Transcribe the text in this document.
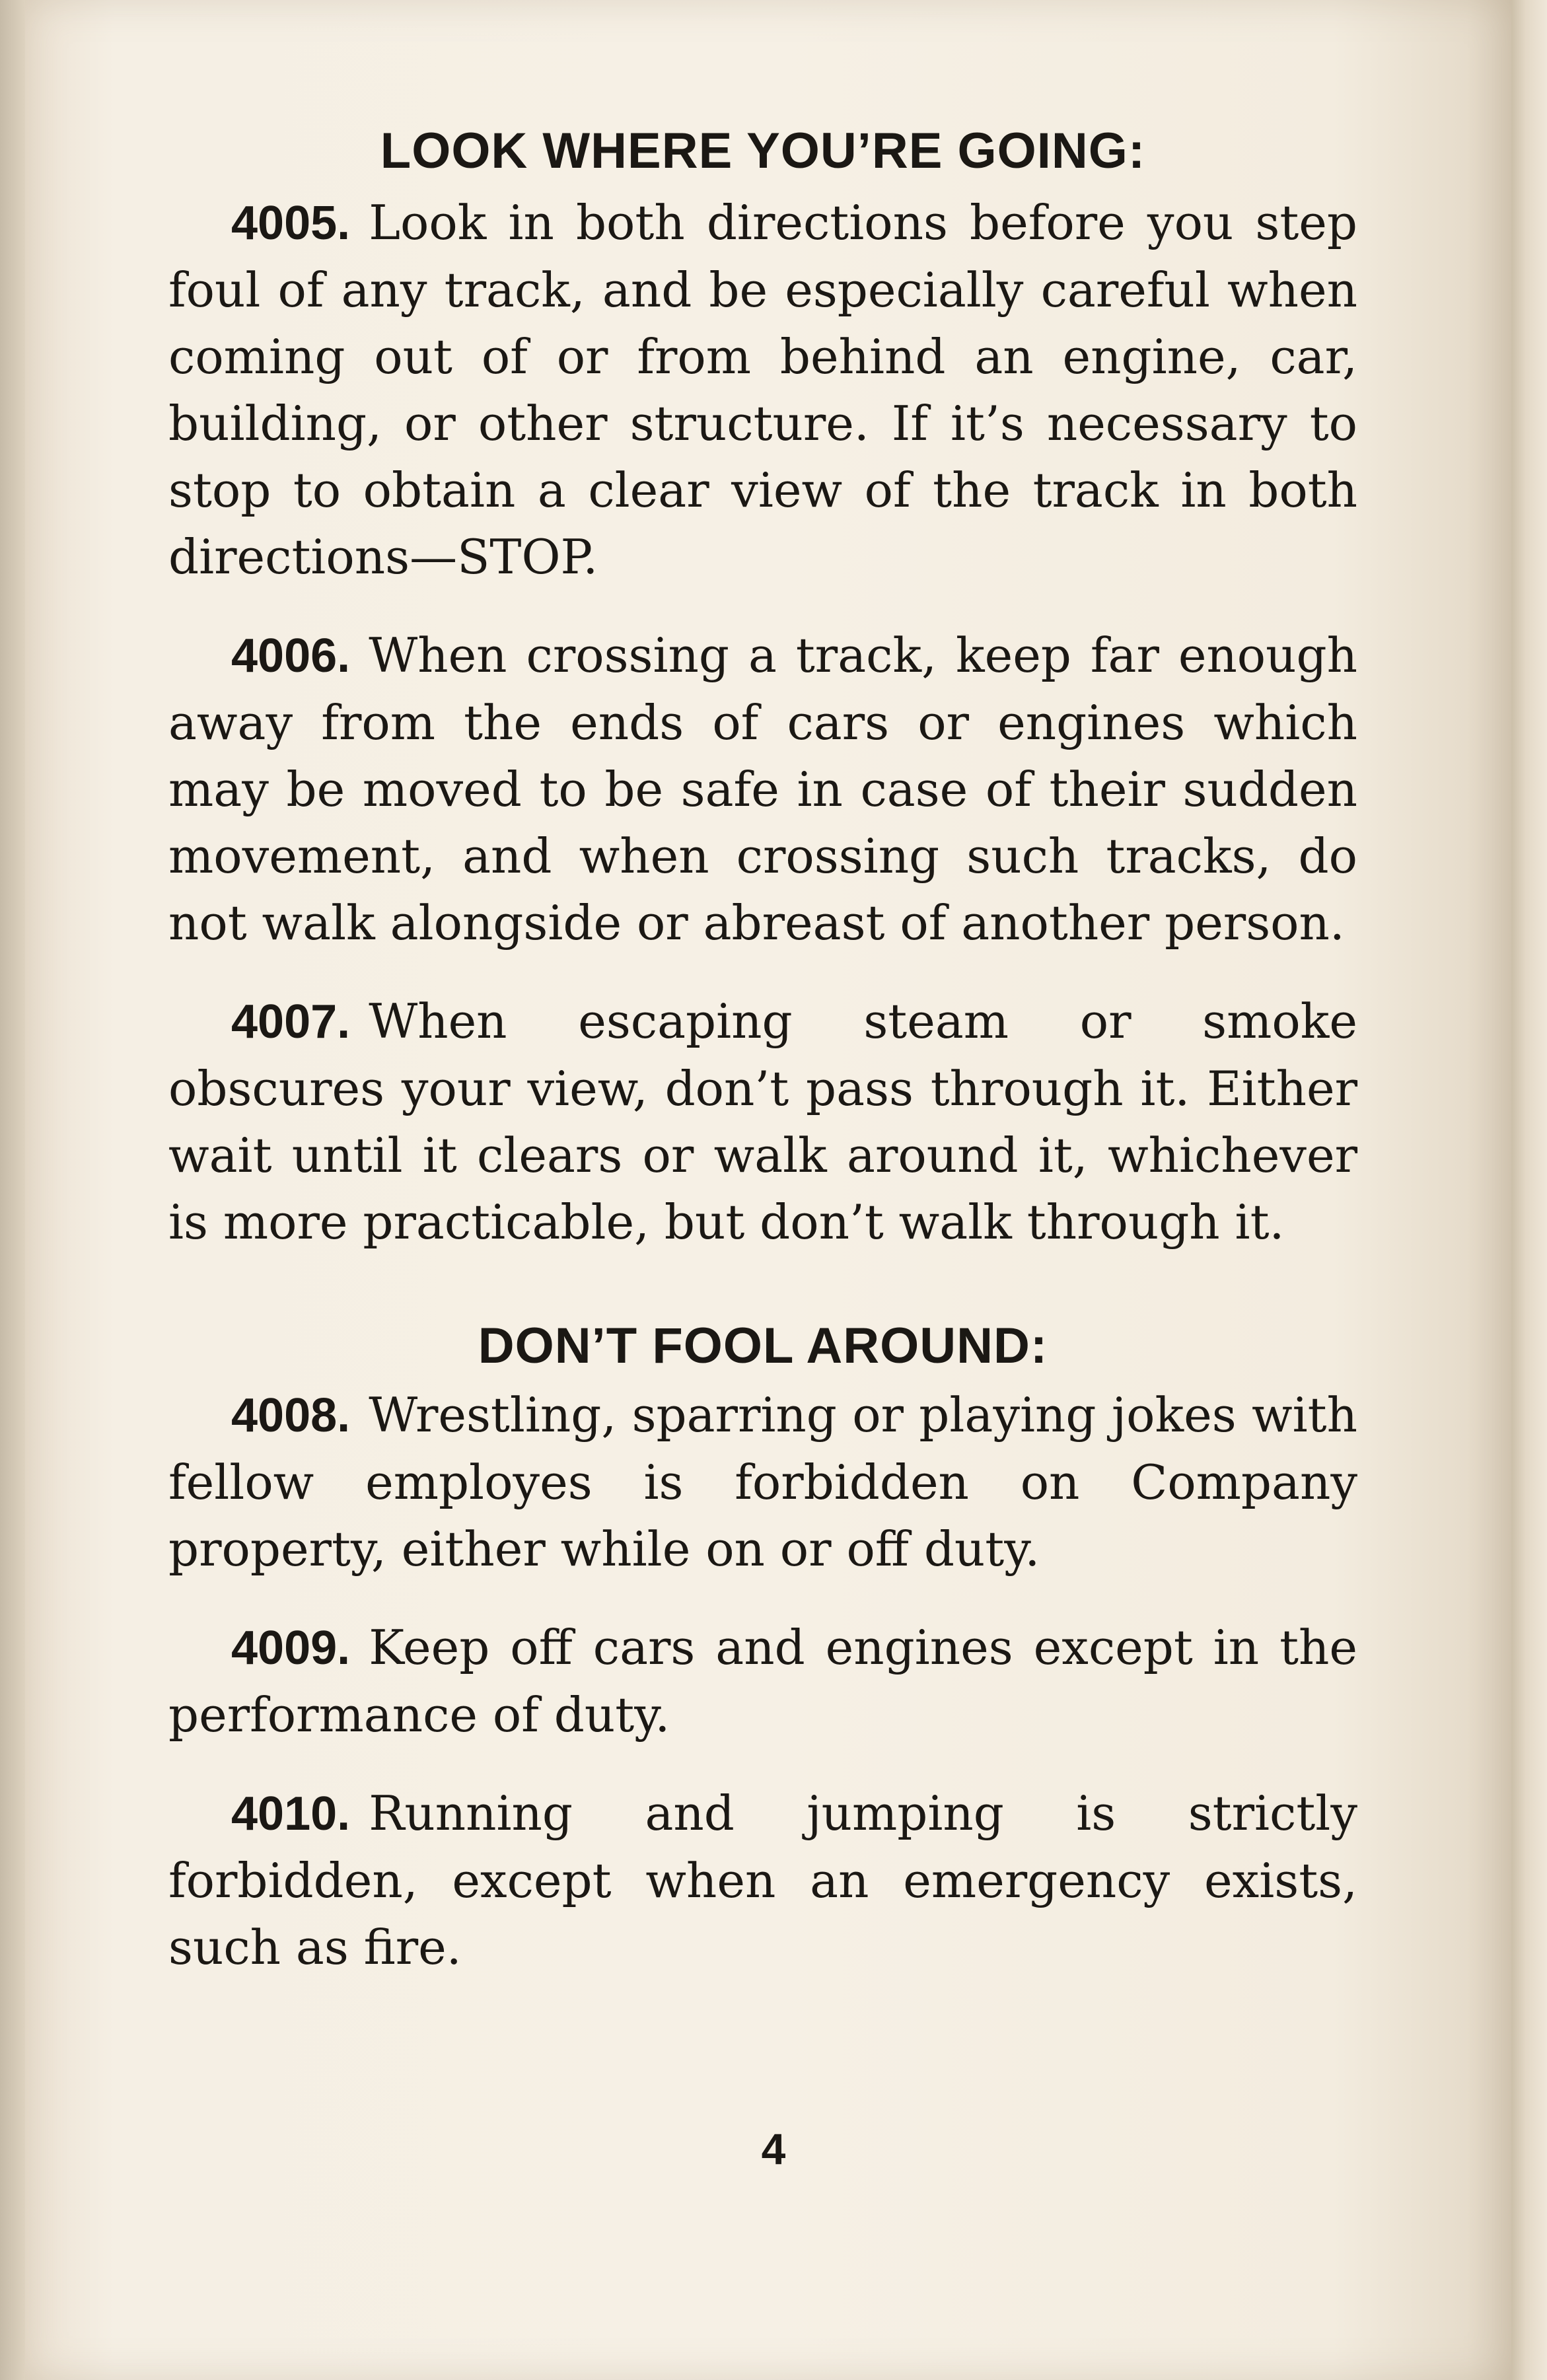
LOOK WHERE YOU’RE GOING:

4005. Look in both directions before you step foul of any track, and be especially careful when coming out of or from behind an engine, car, building, or other structure. If it’s necessary to stop to obtain a clear view of the track in both directions—STOP.

4006. When crossing a track, keep far enough away from the ends of cars or engines which may be moved to be safe in case of their sudden movement, and when crossing such tracks, do not walk alongside or abreast of another person.

4007. When escaping steam or smoke obscures your view, don’t pass through it. Either wait until it clears or walk around it, whichever is more practicable, but don’t walk through it.

DON’T FOOL AROUND:

4008. Wrestling, sparring or playing jokes with fellow employes is forbidden on Company property, either while on or off duty.

4009. Keep off cars and engines except in the performance of duty.

4010. Running and jumping is strictly forbidden, except when an emergency exists, such as fire.

4
